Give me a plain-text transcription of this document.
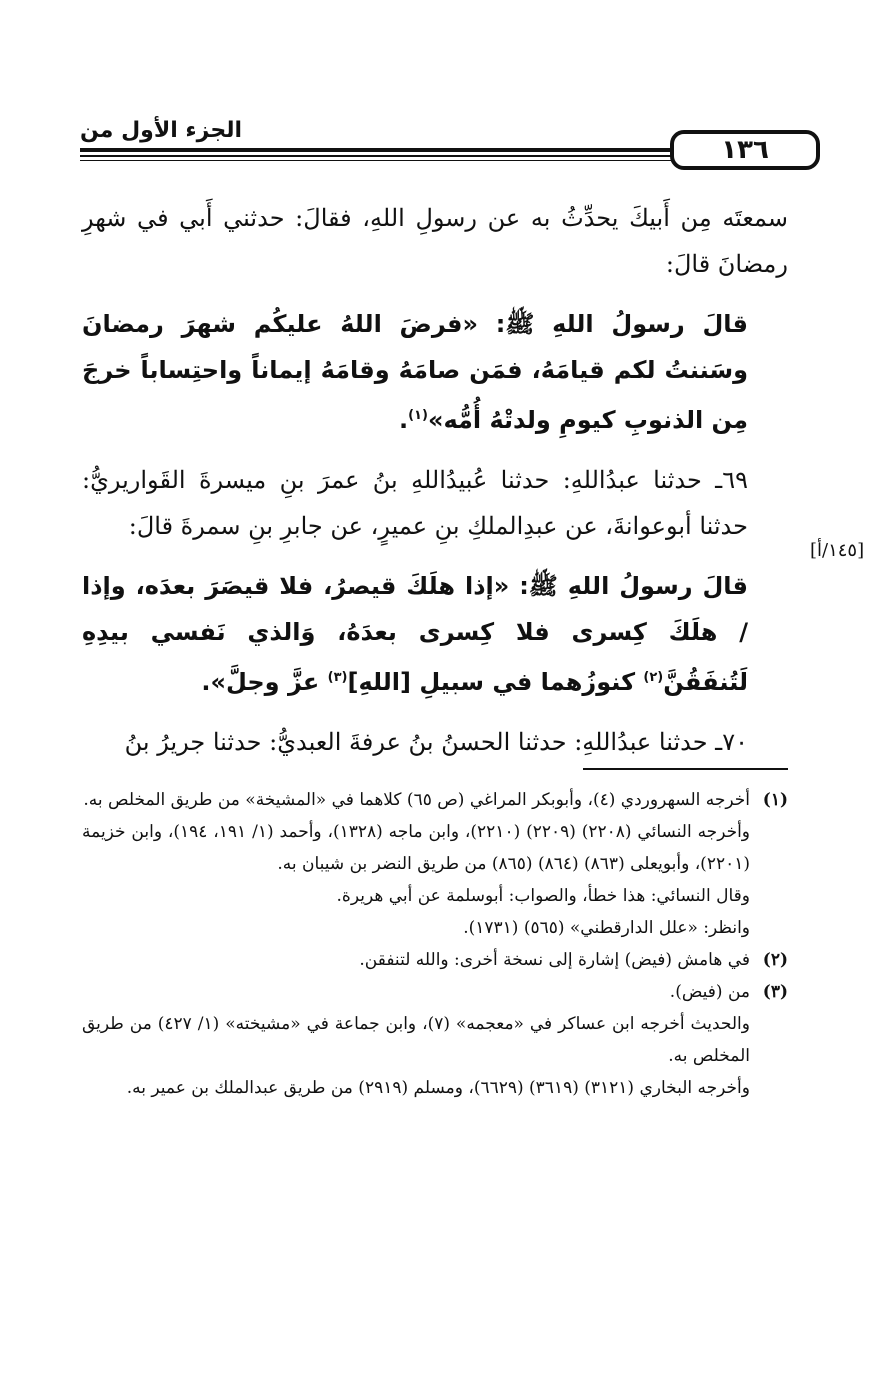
الجزء الأول من
١٣٦
[١٤٥/أ]

سمعتَه مِن أَبيكَ يحدِّثُ به عن رسولِ اللهِ، فقالَ: حدثني أَبي في شهرِ رمضانَ قالَ:

قالَ رسولُ اللهِ ﷺ: «فرضَ اللهُ عليكُم شهرَ رمضانَ وسَننتُ لكم قيامَهُ، فمَن صامَهُ وقامَهُ إيماناً واحتِساباً خرجَ مِن الذنوبِ كيومِ ولدتْهُ أُمُّه»$^{(١)}$.

٦٩ـ حدثنا عبدُاللهِ: حدثنا عُبيدُاللهِ بنُ عمرَ بنِ ميسرةَ القَواريريُّ: حدثنا أبوعوانةَ، عن عبدِالملكِ بنِ عميرٍ، عن جابرِ بنِ سمرةَ قالَ:

قالَ رسولُ اللهِ ﷺ: «إذا هلَكَ قيصرُ، فلا قيصَرَ بعدَه، وإذا / هلَكَ كِسرى فلا كِسرى بعدَهُ، وَالذي نَفسي بيدِهِ لَتُنفَقُنَّ$^{(٢)}$ كنوزُهما في سبيلِ [اللهِ]$^{(٣)}$ عزَّ وجلَّ».

٧٠ـ حدثنا عبدُاللهِ: حدثنا الحسنُ بنُ عرفةَ العبديُّ: حدثنا جريرُ بنُ

(١)
أخرجه السهروردي (٤)، وأبوبكر المراغي (ص ٦٥) كلاهما في «المشيخة» من طريق المخلص به.
وأخرجه النسائي (٢٢٠٨) (٢٢٠٩) (٢٢١٠)، وابن ماجه (١٣٢٨)، وأحمد (١/ ١٩١، ١٩٤)، وابن خزيمة (٢٢٠١)، وأبويعلى (٨٦٣) (٨٦٤) (٨٦٥) من طريق النضر بن شيبان به.
وقال النسائي: هذا خطأ، والصواب: أبوسلمة عن أبي هريرة.
وانظر: «علل الدارقطني» (٥٦٥) (١٧٣١).
(٢)
في هامش (فيض) إشارة إلى نسخة أخرى: والله لتنفقن.
(٣)
من (فيض).
والحديث أخرجه ابن عساكر في «معجمه» (٧)، وابن جماعة في «مشيخته» (١/ ٤٢٧) من طريق المخلص به.
وأخرجه البخاري (٣١٢١) (٣٦١٩) (٦٦٢٩)، ومسلم (٢٩١٩) من طريق عبدالملك بن عمير به.
